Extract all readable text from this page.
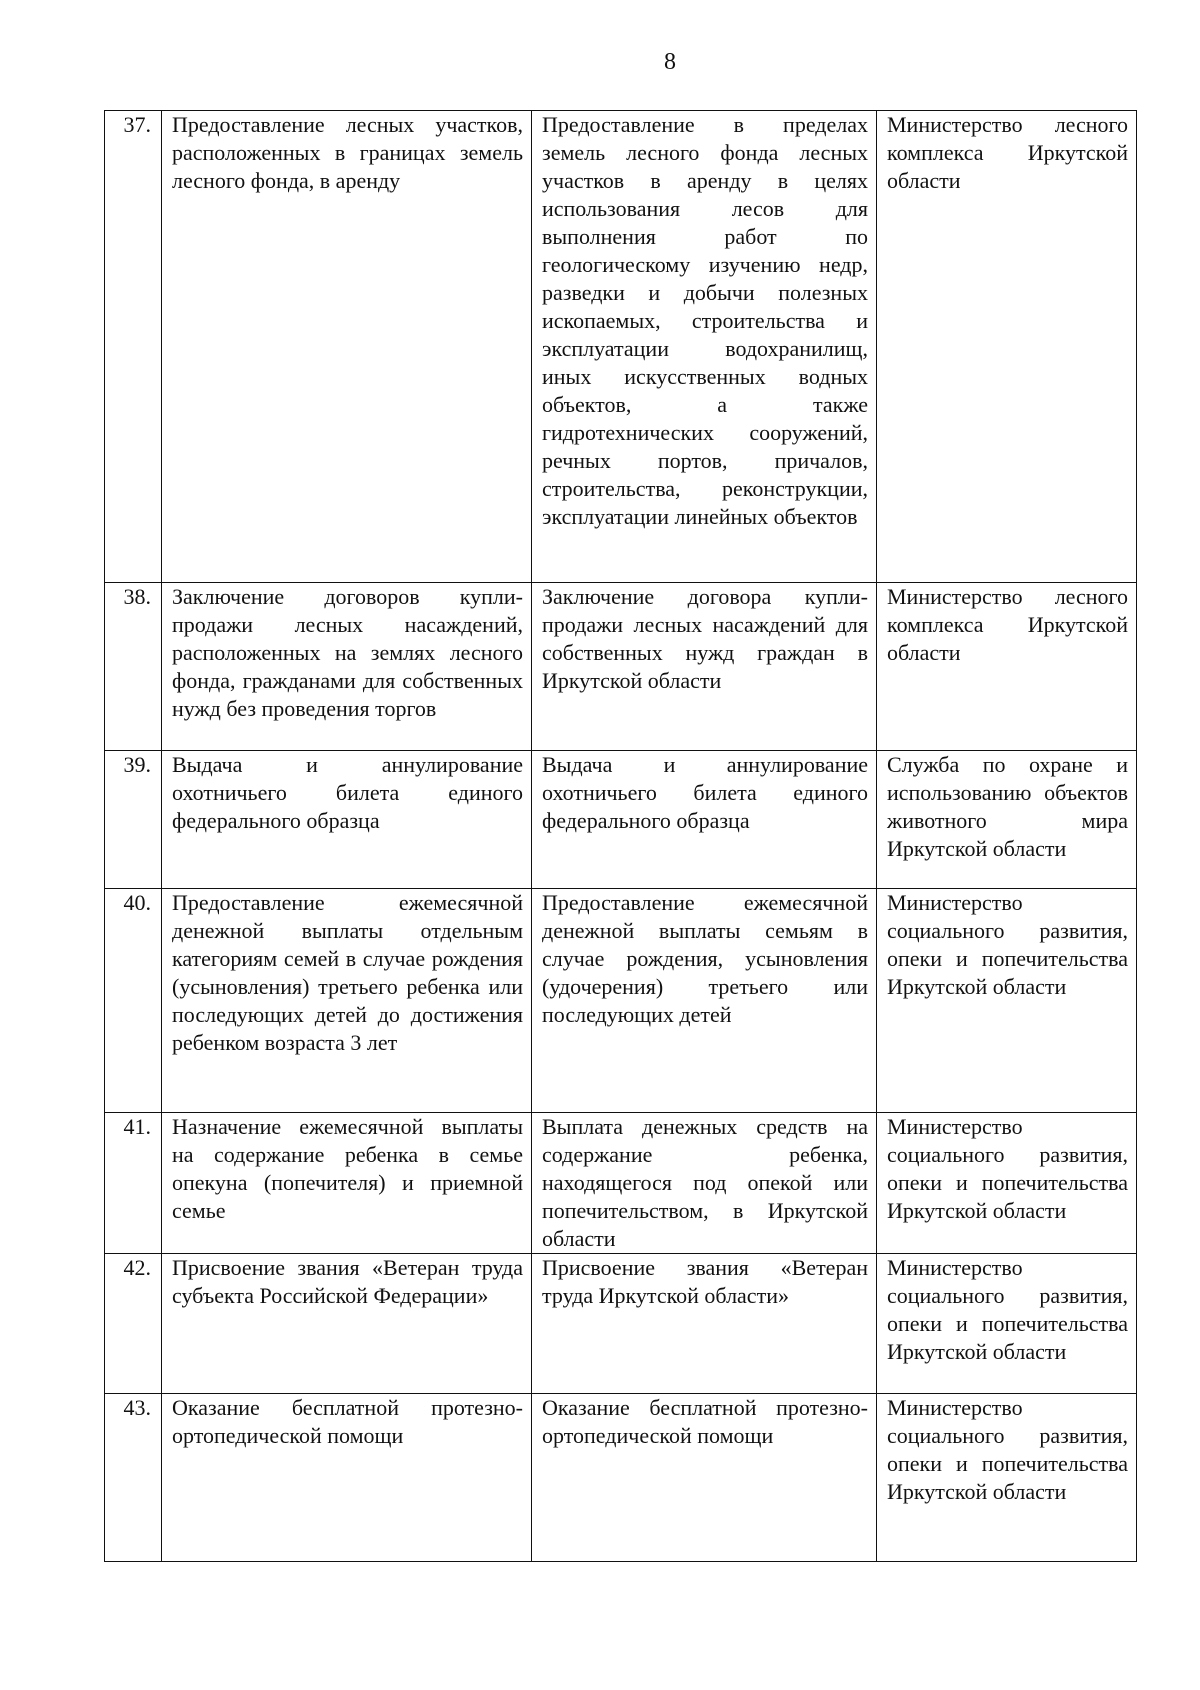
8
37.	Предоставление лесных участков, расположенных в границах земель лесного фонда, в аренду	Предоставление в пределах земель лесного фонда лесных участков в аренду в целях использования лесов для выполнения работ по геологическому изучению недр, разведки и добычи полезных ископаемых, строительства и эксплуатации водохранилищ, иных искусственных водных объектов, а также гидротехнических сооружений, речных портов, причалов, строительства, реконструкции, эксплуатации линейных объектов	Министерство лесного комплекса Иркутской области
38.	Заключение договоров купли-продажи лесных насаждений, расположенных на землях лесного фонда, гражданами для собственных нужд без проведения торгов	Заключение договора купли-продажи лесных насаждений для собственных нужд граждан в Иркутской области	Министерство лесного комплекса Иркутской области
39.	Выдача и аннулирование охотничьего билета единого федерального образца	Выдача и аннулирование охотничьего билета единого федерального образца	Служба по охране и использованию объектов животного мира Иркутской области
40.	Предоставление ежемесячной денежной выплаты отдельным категориям семей в случае рождения (усыновления) третьего ребенка или последующих детей до достижения ребенком возраста 3 лет	Предоставление ежемесячной денежной выплаты семьям в случае рождения, усыновления (удочерения) третьего или последующих детей	Министерство социального развития, опеки и попечительства Иркутской области
41.	Назначение ежемесячной выплаты на содержание ребенка в семье опекуна (попечителя) и приемной семье	Выплата денежных средств на содержание ребенка, находящегося под опекой или попечительством, в Иркутской области	Министерство социального развития, опеки и попечительства Иркутской области
42.	Присвоение звания «Ветеран труда субъекта Российской Федерации»	Присвоение звания «Ветеран труда Иркутской области»	Министерство социального развития, опеки и попечительства Иркутской области
43.	Оказание бесплатной протезно-ортопедической помощи	Оказание бесплатной протезно-ортопедической помощи	Министерство социального развития, опеки и попечительства Иркутской области
